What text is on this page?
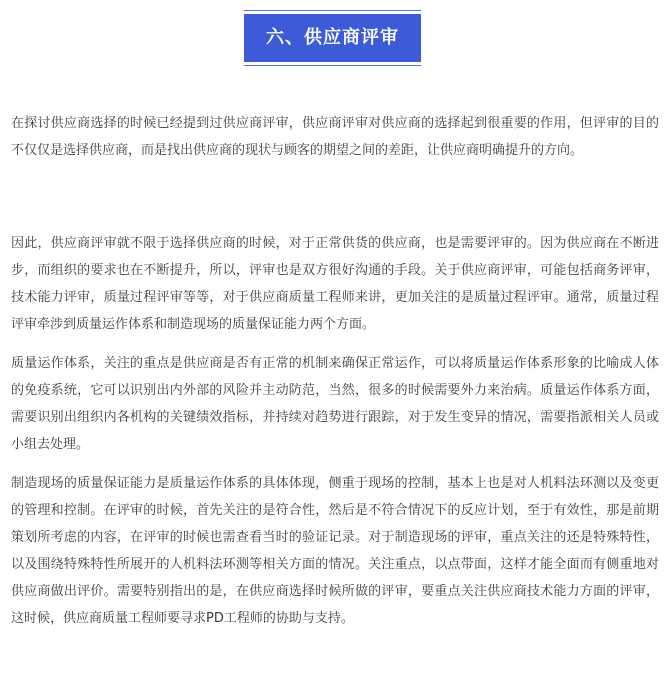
六、供应商评审

在探讨供应商选择的时候已经提到过供应商评审，供应商评审对供应商的选择起到很重要的作用，但评审的目的不仅仅是选择供应商，而是找出供应商的现状与顾客的期望之间的差距，让供应商明确提升的方向。

因此，供应商评审就不限于选择供应商的时候，对于正常供货的供应商，也是需要评审的。因为供应商在不断进步，而组织的要求也在不断提升，所以，评审也是双方很好沟通的手段。关于供应商评审，可能包括商务评审，技术能力评审，质量过程评审等等，对于供应商质量工程师来讲，更加关注的是质量过程评审。通常，质量过程评审牵涉到质量运作体系和制造现场的质量保证能力两个方面。

质量运作体系，关注的重点是供应商是否有正常的机制来确保正常运作，可以将质量运作体系形象的比喻成人体的免疫系统，它可以识别出内外部的风险并主动防范，当然，很多的时候需要外力来治病。质量运作体系方面，需要识别出组织内各机构的关键绩效指标，并持续对趋势进行跟踪，对于发生变异的情况，需要指派相关人员或小组去处理。

制造现场的质量保证能力是质量运作体系的具体体现，侧重于现场的控制，基本上也是对人机料法环测以及变更的管理和控制。在评审的时候，首先关注的是符合性，然后是不符合情况下的反应计划，至于有效性，那是前期策划所考虑的内容，在评审的时候也需查看当时的验证记录。对于制造现场的评审，重点关注的还是特殊特性，以及围绕特殊特性所展开的人机料法环测等相关方面的情况。关注重点，以点带面，这样才能全面而有侧重地对供应商做出评价。需要特别指出的是，在供应商选择时候所做的评审，要重点关注供应商技术能力方面的评审，这时候，供应商质量工程师要寻求PD工程师的协助与支持。
